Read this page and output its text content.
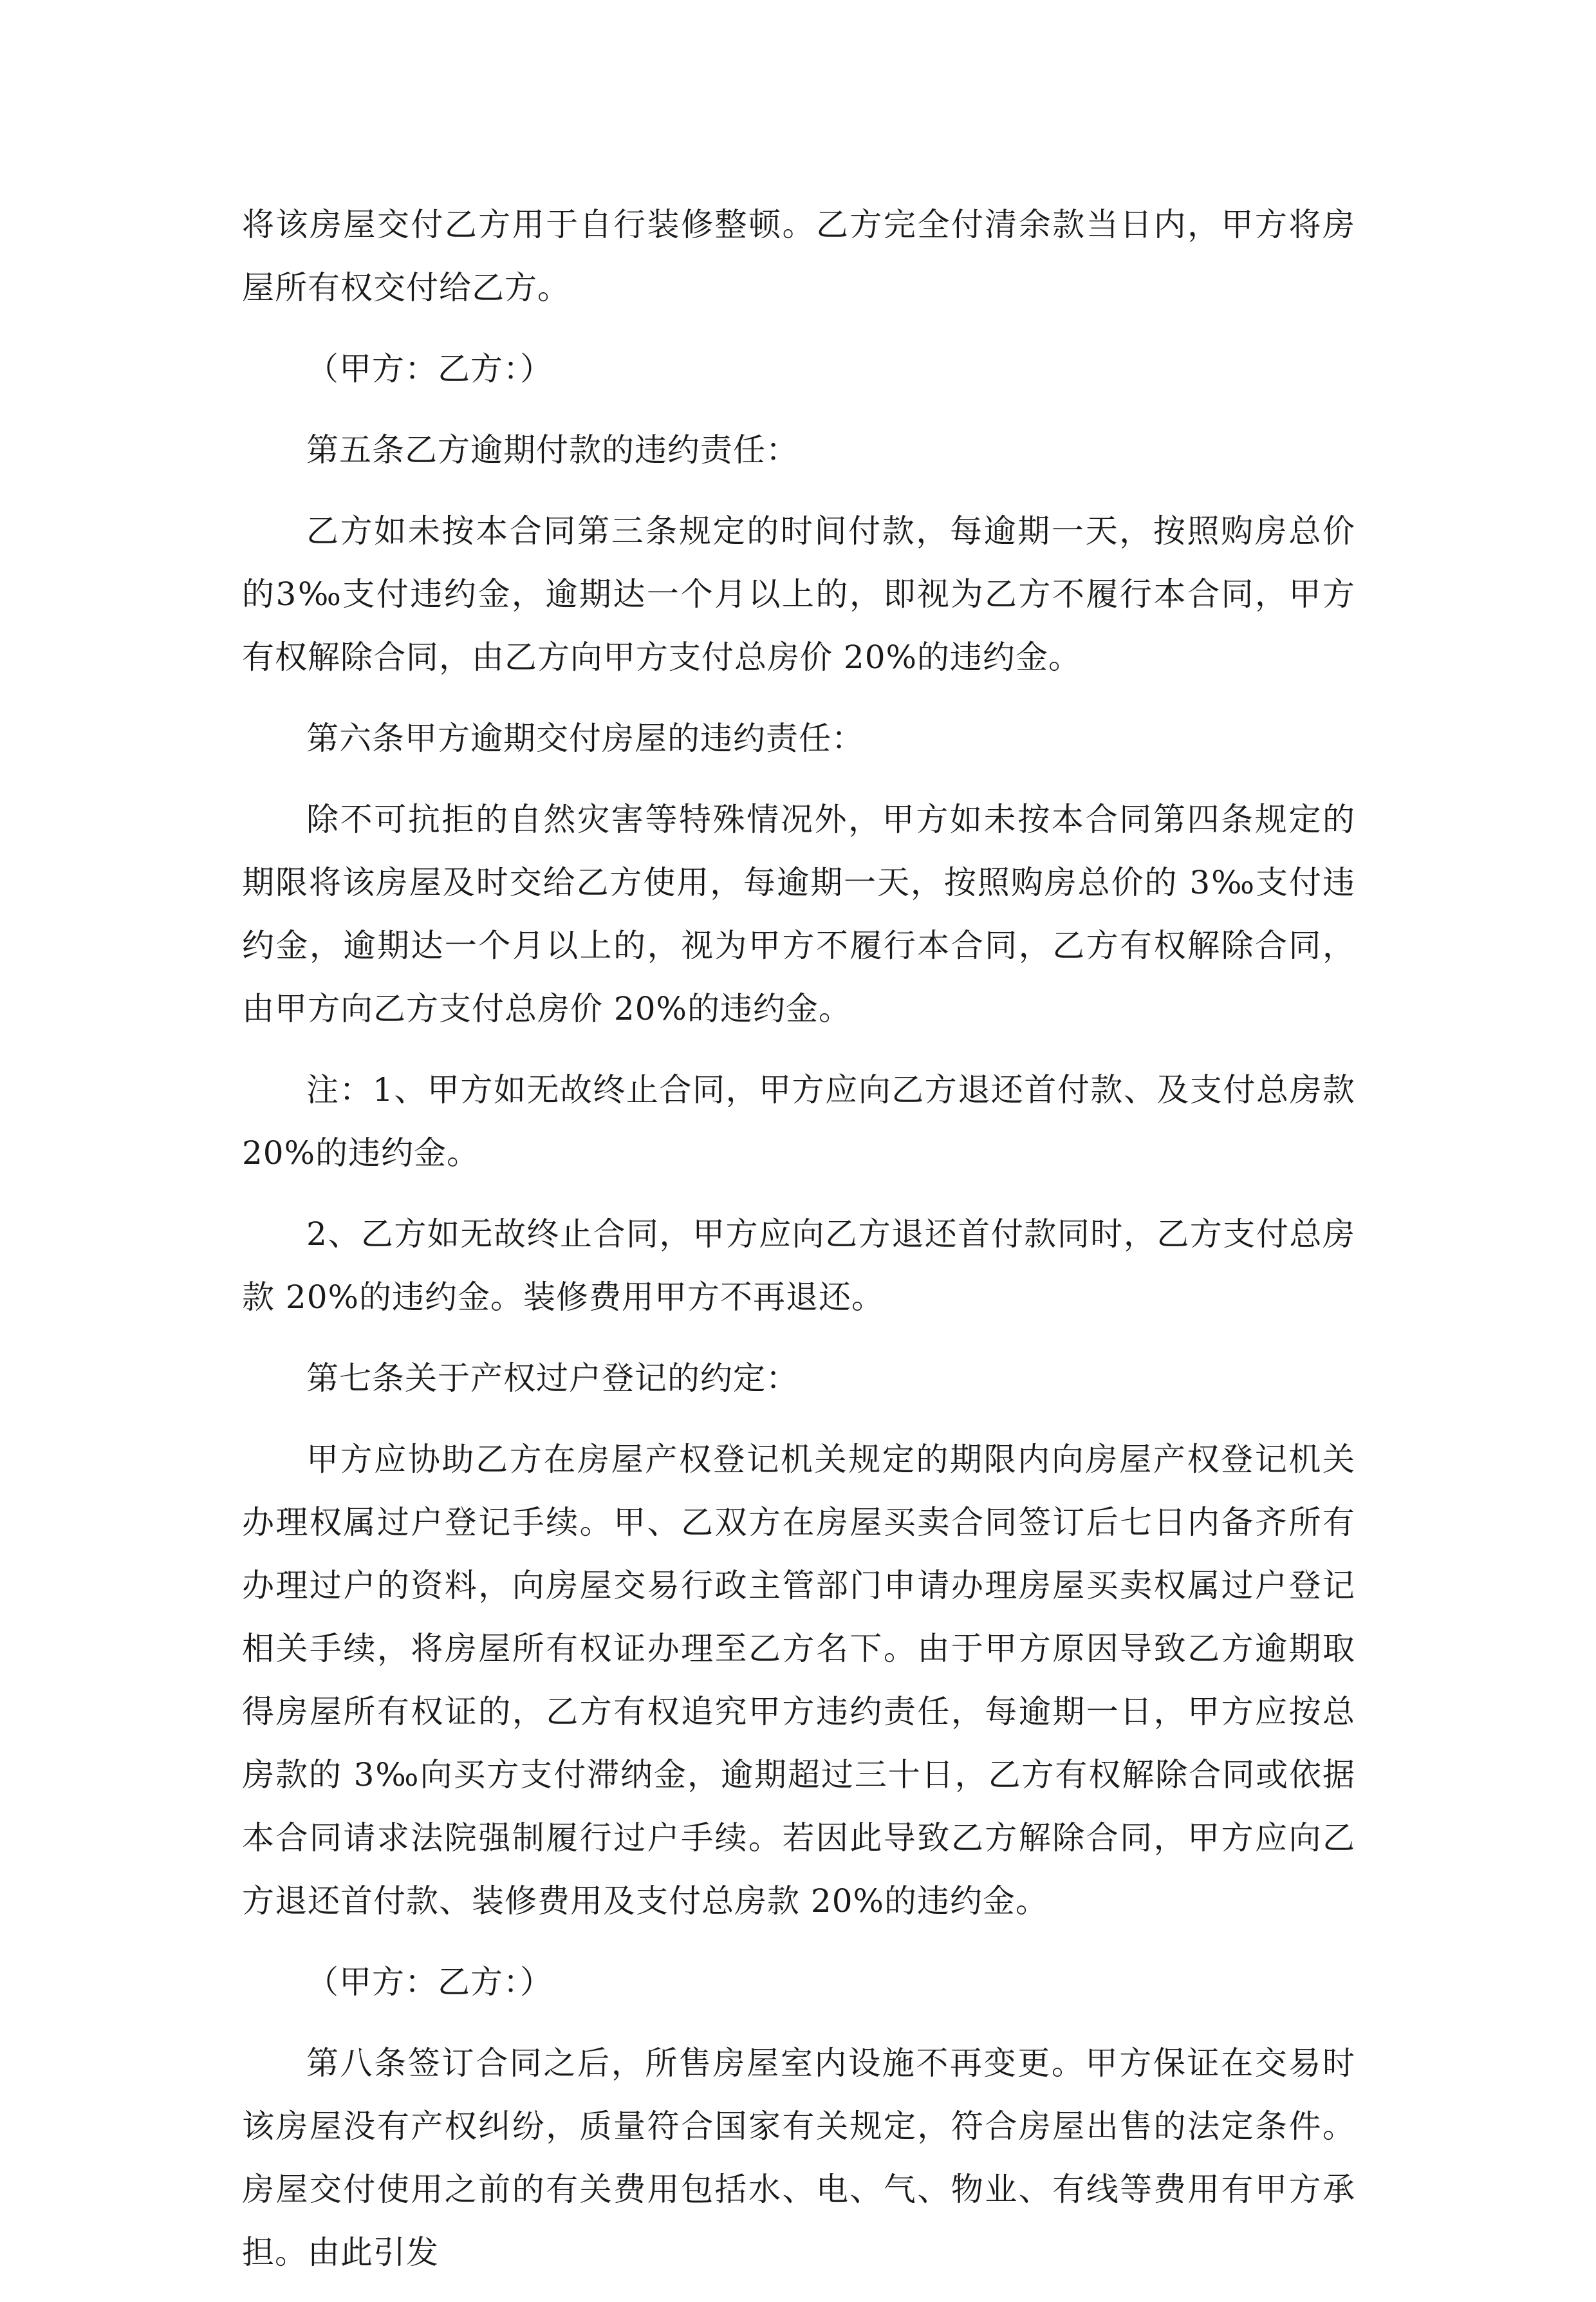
将该房屋交付乙方用于自行装修整顿。乙方完全付清余款当日内，甲方将房屋所有权交付给乙方。

（甲方：乙方：）

第五条乙方逾期付款的违约责任：

乙方如未按本合同第三条规定的时间付款，每逾期一天，按照购房总价的3‰支付违约金，逾期达一个月以上的，即视为乙方不履行本合同，甲方有权解除合同，由乙方向甲方支付总房价 20%的违约金。

第六条甲方逾期交付房屋的违约责任：

除不可抗拒的自然灾害等特殊情况外，甲方如未按本合同第四条规定的期限将该房屋及时交给乙方使用，每逾期一天，按照购房总价的 3‰支付违约金，逾期达一个月以上的，视为甲方不履行本合同，乙方有权解除合同，由甲方向乙方支付总房价 20%的违约金。

注：1、甲方如无故终止合同，甲方应向乙方退还首付款、及支付总房款 20%的违约金。

2、乙方如无故终止合同，甲方应向乙方退还首付款同时，乙方支付总房款 20%的违约金。装修费用甲方不再退还。

第七条关于产权过户登记的约定：

甲方应协助乙方在房屋产权登记机关规定的期限内向房屋产权登记机关办理权属过户登记手续。甲、乙双方在房屋买卖合同签订后七日内备齐所有办理过户的资料，向房屋交易行政主管部门申请办理房屋买卖权属过户登记相关手续，将房屋所有权证办理至乙方名下。由于甲方原因导致乙方逾期取得房屋所有权证的，乙方有权追究甲方违约责任，每逾期一日，甲方应按总房款的 3‰向买方支付滞纳金，逾期超过三十日，乙方有权解除合同或依据本合同请求法院强制履行过户手续。若因此导致乙方解除合同，甲方应向乙方退还首付款、装修费用及支付总房款 20%的违约金。

（甲方：乙方：）

第八条签订合同之后，所售房屋室内设施不再变更。甲方保证在交易时该房屋没有产权纠纷，质量符合国家有关规定，符合房屋出售的法定条件。房屋交付使用之前的有关费用包括水、电、气、物业、有线等费用有甲方承担。由此引发
